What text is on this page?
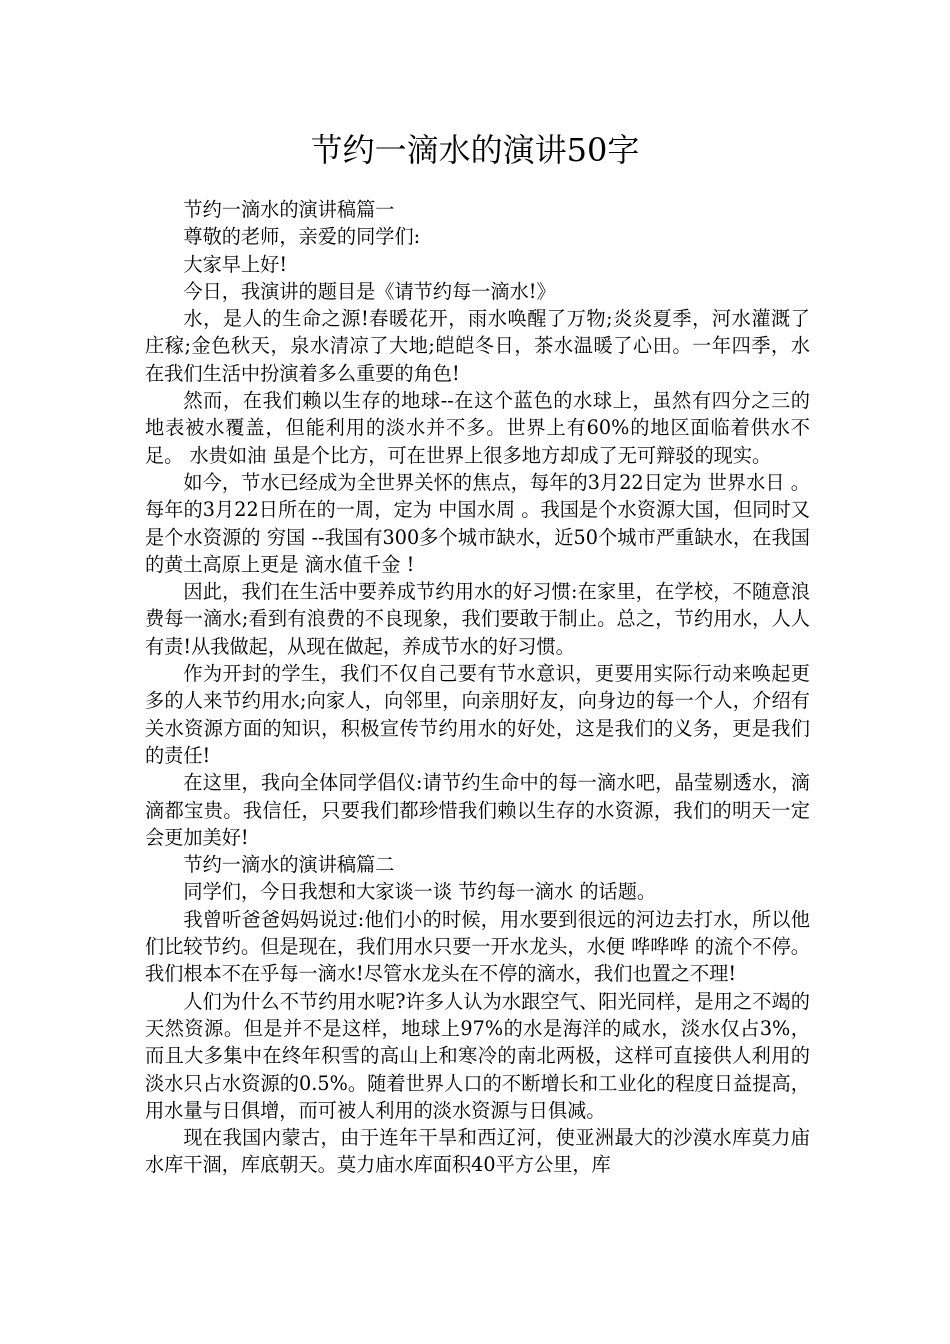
节约一滴水的演讲50字

节约一滴水的演讲稿篇一

尊敬的老师，亲爱的同学们:

大家早上好!

今日，我演讲的题目是《请节约每一滴水!》

水，是人的生命之源!春暖花开，雨水唤醒了万物;炎炎夏季，河水灌溉了庄稼;金色秋天，泉水清凉了大地;皑皑冬日，茶水温暖了心田。一年四季，水在我们生活中扮演着多么重要的角色!

然而，在我们赖以生存的地球--在这个蓝色的水球上，虽然有四分之三的地表被水覆盖，但能利用的淡水并不多。世界上有60%的地区面临着供水不足。 水贵如油 虽是个比方，可在世界上很多地方却成了无可辩驳的现实。

如今，节水已经成为全世界关怀的焦点，每年的3月22日定为 世界水日 。每年的3月22日所在的一周，定为 中国水周 。我国是个水资源大国，但同时又是个水资源的 穷国 --我国有300多个城市缺水，近50个城市严重缺水，在我国的黄土高原上更是 滴水值千金 !

因此，我们在生活中要养成节约用水的好习惯:在家里，在学校，不随意浪费每一滴水;看到有浪费的不良现象，我们要敢于制止。总之，节约用水，人人有责!从我做起，从现在做起，养成节水的好习惯。

作为开封的学生，我们不仅自己要有节水意识，更要用实际行动来唤起更多的人来节约用水;向家人，向邻里，向亲朋好友，向身边的每一个人，介绍有关水资源方面的知识，积极宣传节约用水的好处，这是我们的义务，更是我们的责任!

在这里，我向全体同学倡仪:请节约生命中的每一滴水吧，晶莹剔透水，滴滴都宝贵。我信任，只要我们都珍惜我们赖以生存的水资源，我们的明天一定会更加美好!

节约一滴水的演讲稿篇二

同学们，今日我想和大家谈一谈 节约每一滴水 的话题。

我曾听爸爸妈妈说过:他们小的时候，用水要到很远的河边去打水，所以他们比较节约。但是现在，我们用水只要一开水龙头，水便 哗哗哗 的流个不停。我们根本不在乎每一滴水!尽管水龙头在不停的滴水，我们也置之不理!

人们为什么不节约用水呢?许多人认为水跟空气、阳光同样，是用之不竭的天然资源。但是并不是这样，地球上97%的水是海洋的咸水，淡水仅占3%，而且大多集中在终年积雪的高山上和寒冷的南北两极，这样可直接供人利用的淡水只占水资源的0.5%。随着世界人口的不断增长和工业化的程度日益提高，用水量与日俱增，而可被人利用的淡水资源与日俱减。

现在我国内蒙古，由于连年干旱和西辽河，使亚洲最大的沙漠水库莫力庙水库干涸，库底朝天。莫力庙水库面积40平方公里，库
